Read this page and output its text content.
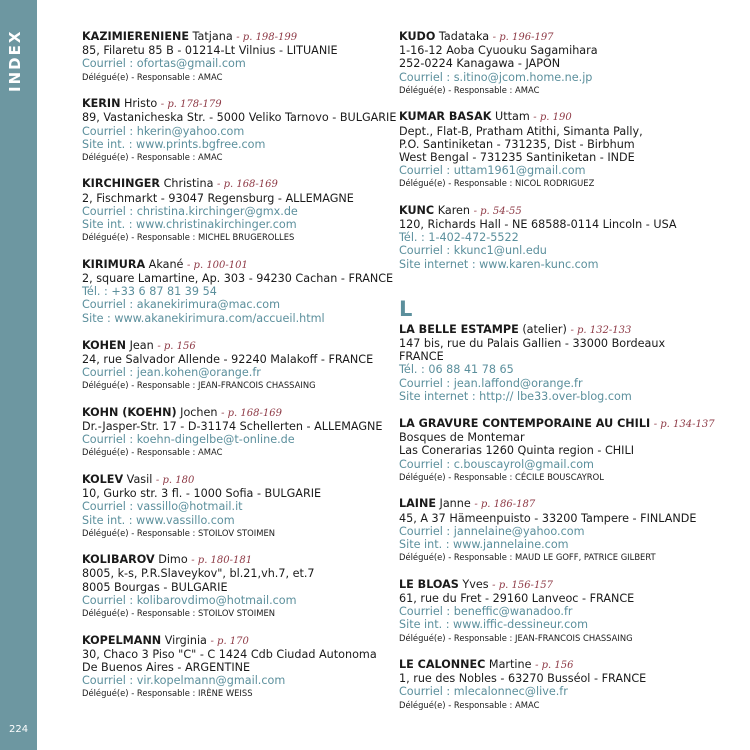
INDEX
224
KAZIMIERENIENE Tatjana - p. 198-199
85, Filaretu 85 B - 01214-Lt Vilnius - LITUANIE
Courriel : ofortas@gmail.com
Délégué(e) - Responsable : AMAC
KERIN Hristo - p. 178-179
89, Vastanicheska Str. - 5000 Veliko Tarnovo - BULGARIE
Courriel : hkerin@yahoo.com
Site int. : www.prints.bgfree.com
Délégué(e) - Responsable : AMAC
KIRCHINGER Christina - p. 168-169
2, Fischmarkt - 93047 Regensburg - ALLEMAGNE
Courriel : christina.kirchinger@gmx.de
Site int. : www.christinakirchinger.com
Délégué(e) - Responsable : MICHEL BRUGEROLLES
KIRIMURA Akané - p. 100-101
2, square Lamartine, Ap. 303 - 94230 Cachan - FRANCE
Tél. : +33 6 87 81 39 54
Courriel : akanekirimura@mac.com
Site : www.akanekirimura.com/accueil.html
KOHEN Jean - p. 156
24, rue Salvador Allende - 92240 Malakoff - FRANCE
Courriel : jean.kohen@orange.fr
Délégué(e) - Responsable : JEAN-FRANCOIS CHASSAING
KOHN (KOEHN) Jochen - p. 168-169
Dr.-Jasper-Str. 17 - D-31174 Schellerten - ALLEMAGNE
Courriel : koehn-dingelbe@t-online.de
Délégué(e) - Responsable : AMAC
KOLEV Vasil - p. 180
10, Gurko str. 3 fl. - 1000 Sofia - BULGARIE
Courriel : vassillo@hotmail.it
Site int. : www.vassillo.com
Délégué(e) - Responsable : STOILOV STOIMEN
KOLIBAROV Dimo - p. 180-181
8005, k-s, P.R.Slaveykov", bl.21,vh.7, et.7
8005 Bourgas - BULGARIE
Courriel : kolibarovdimo@hotmail.com
Délégué(e) - Responsable : STOILOV STOIMEN
KOPELMANN Virginia - p. 170
30, Chaco 3 Piso "C" - C 1424 Cdb Ciudad Autonoma
De Buenos Aires - ARGENTINE
Courriel : vir.kopelmann@gmail.com
Délégué(e) - Responsable : IRÈNE WEISS
KUDO Tadataka - p. 196-197
1-16-12 Aoba Cyuouku Sagamihara
252-0224 Kanagawa - JAPON
Courriel : s.itino@jcom.home.ne.jp
Délégué(e) - Responsable : AMAC
KUMAR BASAK Uttam - p. 190
Dept., Flat-B, Pratham Atithi, Simanta Pally,
P.O. Santiniketan - 731235, Dist - Birbhum
West Bengal - 731235 Santiniketan - INDE
Courriel : uttam1961@gmail.com
Délégué(e) - Responsable : NICOL RODRIGUEZ
KUNC Karen - p. 54-55
120, Richards Hall - NE 68588-0114 Lincoln - USA
Tél. : 1-402-472-5522
Courriel : kkunc1@unl.edu
Site internet : www.karen-kunc.com
L
LA BELLE ESTAMPE (atelier) - p. 132-133
147 bis, rue du Palais Gallien - 33000 Bordeaux
FRANCE
Tél. : 06 88 41 78 65
Courriel : jean.laffond@orange.fr
Site internet : http:// lbe33.over-blog.com
LA GRAVURE CONTEMPORAINE AU CHILI - p. 134-137
Bosques de Montemar
Las Conerarias 1260 Quinta region - CHILI
Courriel : c.bouscayrol@gmail.com
Délégué(e) - Responsable : CÉCILE BOUSCAYROL
LAINE Janne - p. 186-187
45, A 37 Hämeenpuisto - 33200 Tampere - FINLANDE
Courriel : jannelaine@yahoo.com
Site int. : www.jannelaine.com
Délégué(e) - Responsable : MAUD LE GOFF, PATRICE GILBERT
LE BLOAS Yves - p. 156-157
61, rue du Fret - 29160 Lanveoc - FRANCE
Courriel : beneffic@wanadoo.fr
Site int. : www.iffic-dessineur.com
Délégué(e) - Responsable : JEAN-FRANCOIS CHASSAING
LE CALONNEC Martine - p. 156
1, rue des Nobles - 63270 Busséol - FRANCE
Courriel : mlecalonnec@live.fr
Délégué(e) - Responsable : AMAC
